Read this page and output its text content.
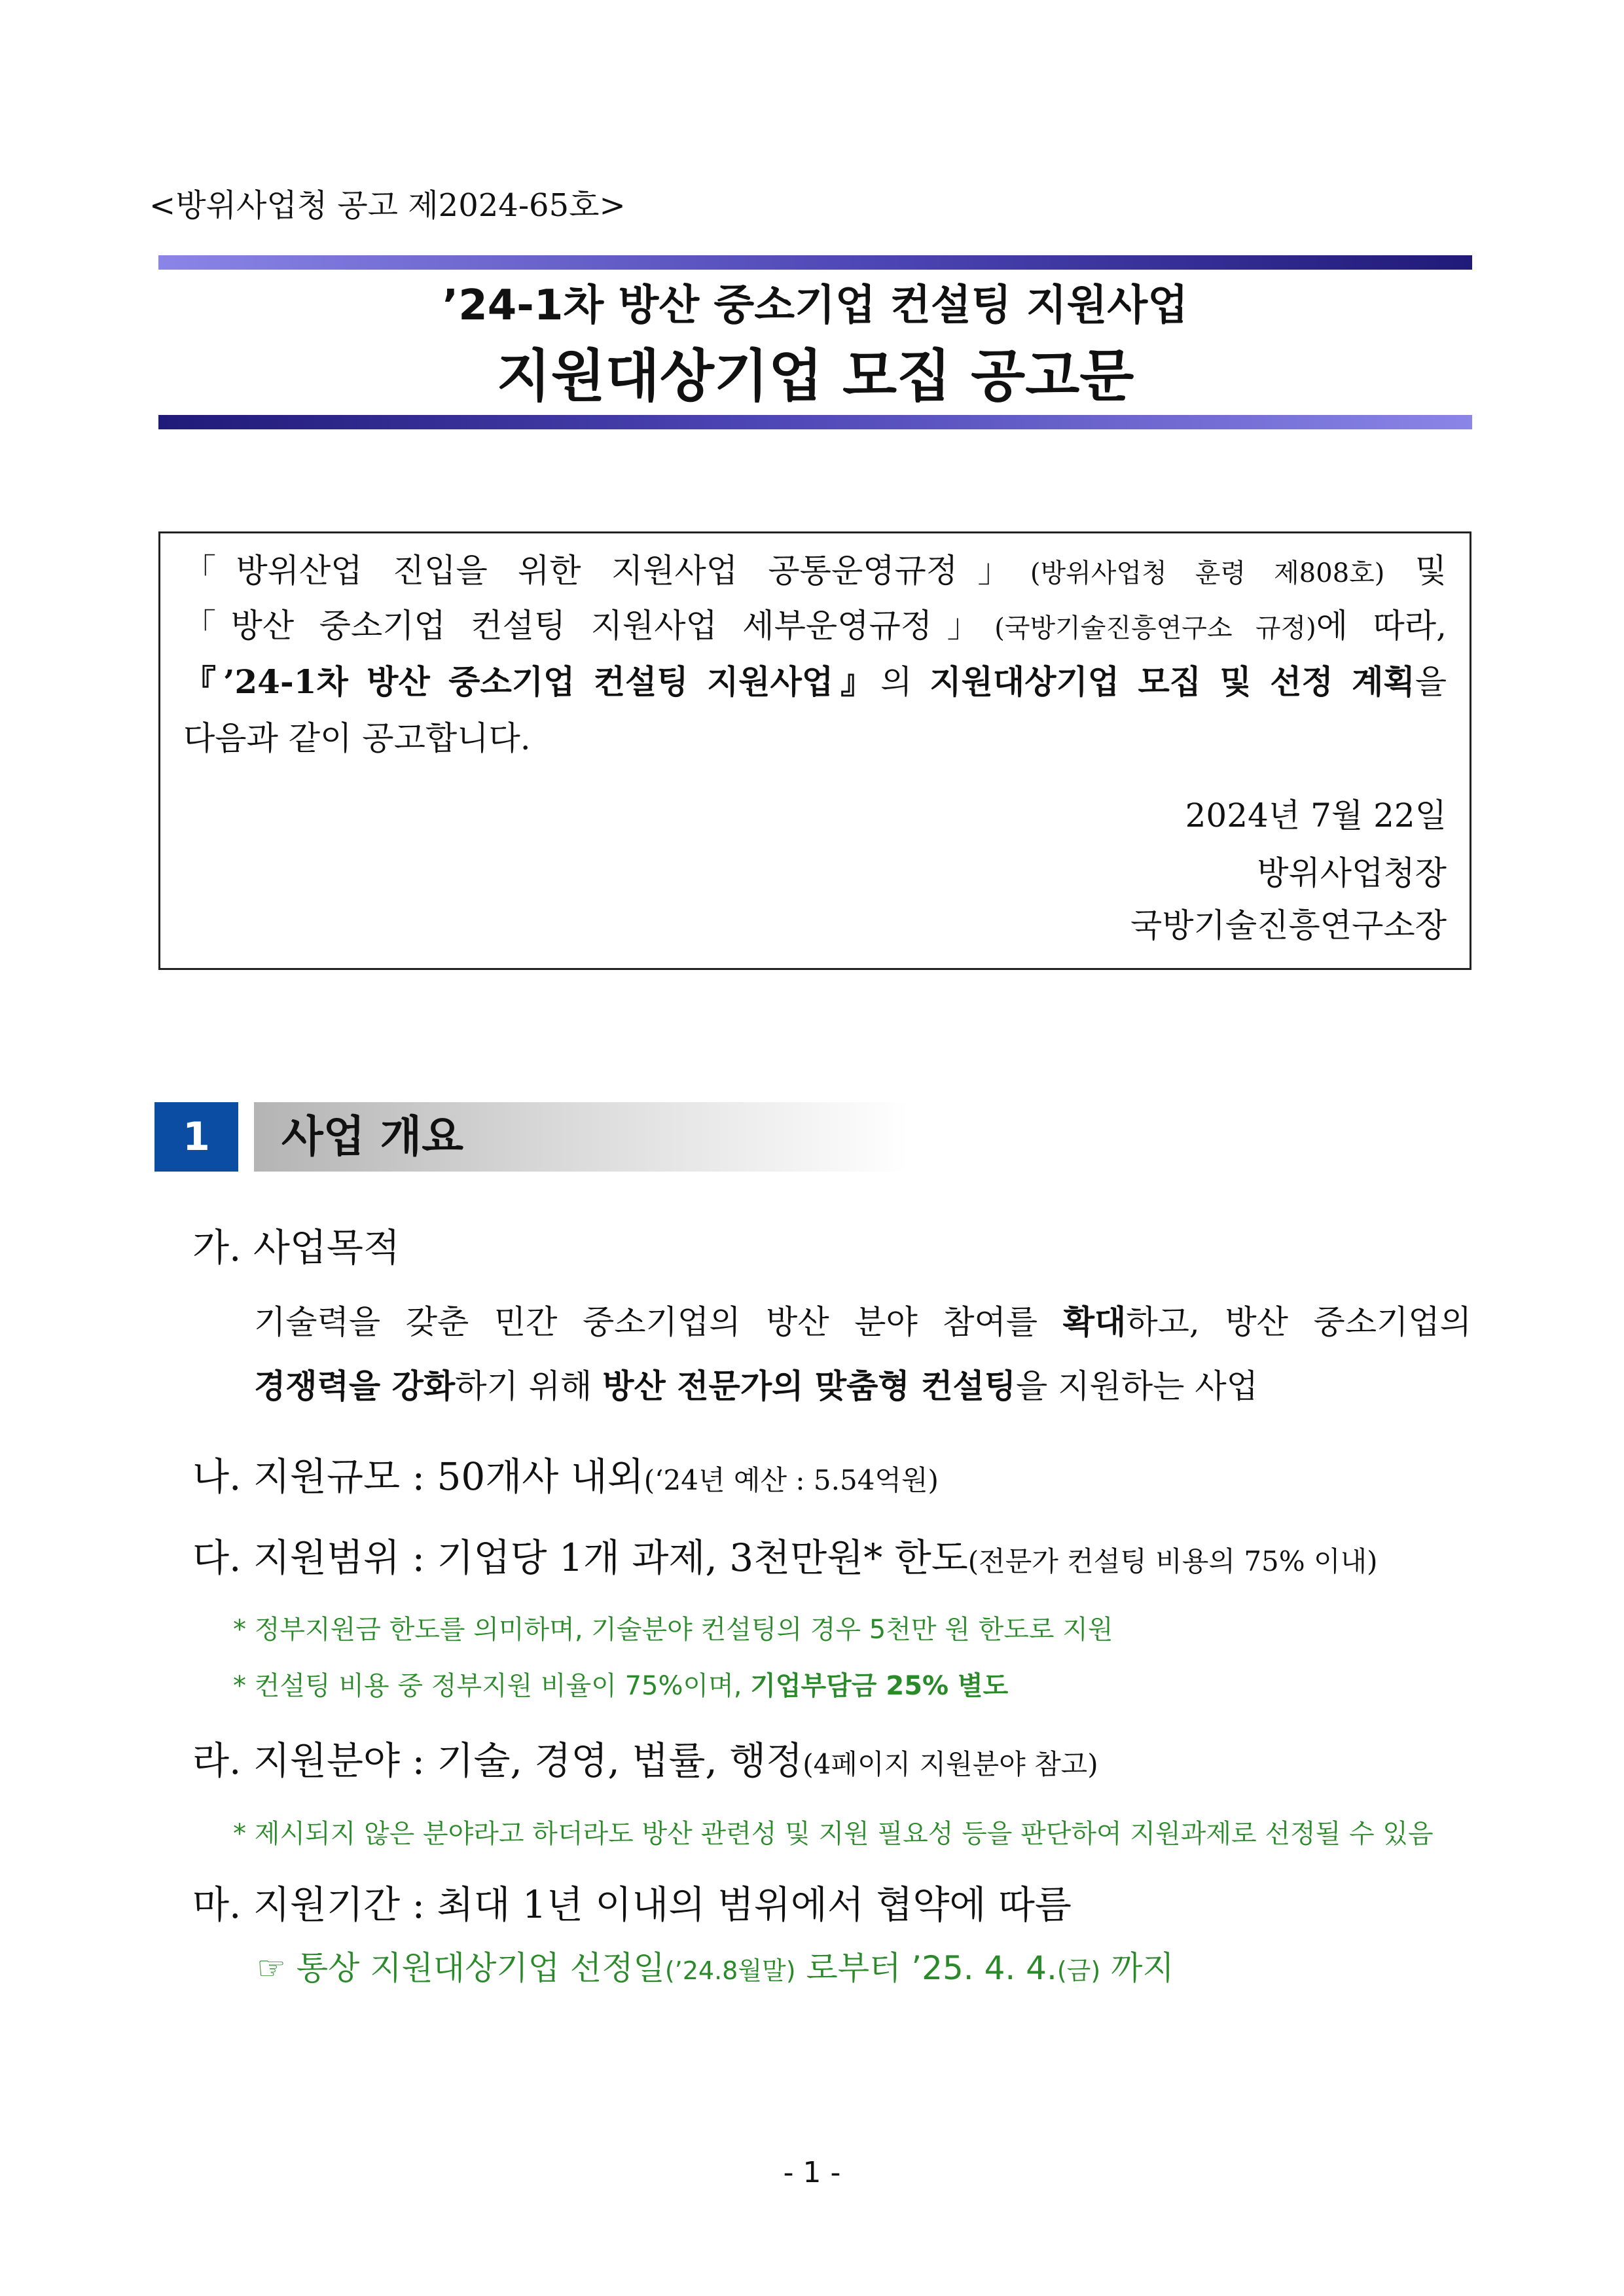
<방위사업청 공고 제2024-65호>
’24-1차 방산 중소기업 컨설팅 지원사업
지원대상기업 모집 공고문
「방위산업 진입을 위한 지원사업 공통운영규정」(방위사업청 훈령 제808호) 및
「방산 중소기업 컨설팅 지원사업 세부운영규정」(국방기술진흥연구소 규정)에 따라,
『’24-1차 방산 중소기업 컨설팅 지원사업』의 지원대상기업 모집 및 선정 계획을
다음과 같이 공고합니다.
2024년 7월 22일
방위사업청장
국방기술진흥연구소장
1	사업 개요
가. 사업목적
기술력을 갖춘 민간 중소기업의 방산 분야 참여를 확대하고, 방산 중소기업의
경쟁력을 강화하기 위해 방산 전문가의 맞춤형 컨설팅을 지원하는 사업
나. 지원규모 : 50개사 내외(‘24년 예산 : 5.54억원)
다. 지원범위 : 기업당 1개 과제, 3천만원* 한도(전문가 컨설팅 비용의 75% 이내)
* 정부지원금 한도를 의미하며, 기술분야 컨설팅의 경우 5천만 원 한도로 지원
* 컨설팅 비용 중 정부지원 비율이 75%이며, 기업부담금 25% 별도
라. 지원분야 : 기술, 경영, 법률, 행정(4페이지 지원분야 참고)
* 제시되지 않은 분야라고 하더라도 방산 관련성 및 지원 필요성 등을 판단하여 지원과제로 선정될 수 있음
마. 지원기간 : 최대 1년 이내의 범위에서 협약에 따름
☞ 통상 지원대상기업 선정일(’24.8월말) 로부터 ’25. 4. 4.(금) 까지
- 1 -
